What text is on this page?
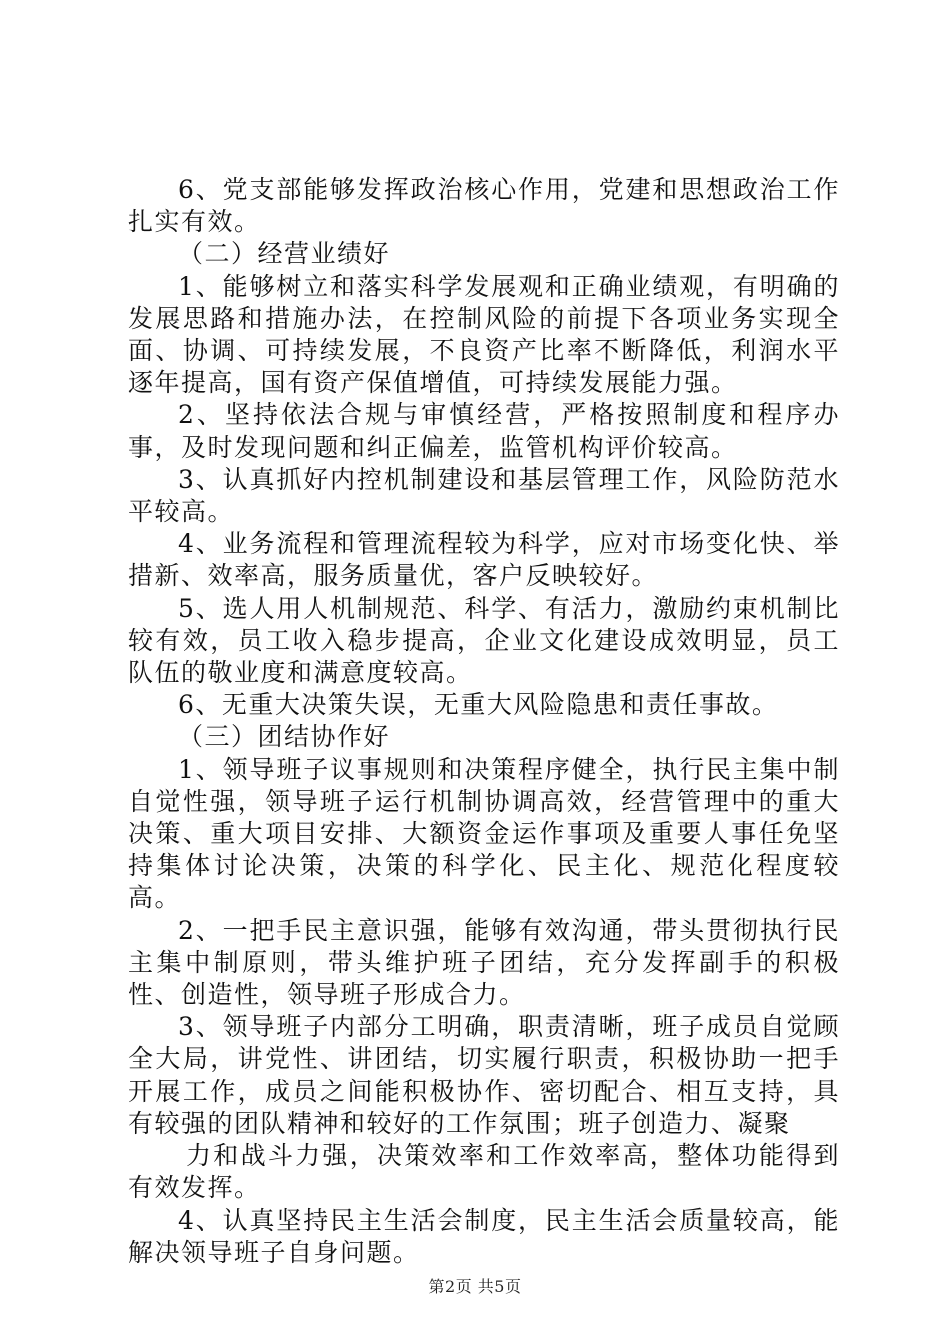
6、党支部能够发挥政治核心作用，党建和思想政治工作扎实有效。

（二）经营业绩好

1、能够树立和落实科学发展观和正确业绩观，有明确的发展思路和措施办法，在控制风险的前提下各项业务实现全面、协调、可持续发展，不良资产比率不断降低，利润水平逐年提高，国有资产保值增值，可持续发展能力强。

2、坚持依法合规与审慎经营，严格按照制度和程序办事，及时发现问题和纠正偏差，监管机构评价较高。

3、认真抓好内控机制建设和基层管理工作，风险防范水平较高。

4、业务流程和管理流程较为科学，应对市场变化快、举措新、效率高，服务质量优，客户反映较好。

5、选人用人机制规范、科学、有活力，激励约束机制比较有效，员工收入稳步提高，企业文化建设成效明显，员工队伍的敬业度和满意度较高。

6、无重大决策失误，无重大风险隐患和责任事故。

（三）团结协作好

1、领导班子议事规则和决策程序健全，执行民主集中制自觉性强，领导班子运行机制协调高效，经营管理中的重大决策、重大项目安排、大额资金运作事项及重要人事任免坚持集体讨论决策，决策的科学化、民主化、规范化程度较高。

2、一把手民主意识强，能够有效沟通，带头贯彻执行民主集中制原则，带头维护班子团结，充分发挥副手的积极性、创造性，领导班子形成合力。

3、领导班子内部分工明确，职责清晰，班子成员自觉顾全大局，讲党性、讲团结，切实履行职责，积极协助一把手开展工作，成员之间能积极协作、密切配合、相互支持，具有较强的团队精神和较好的工作氛围；班子创造力、凝聚

力和战斗力强，决策效率和工作效率高，整体功能得到有效发挥。

4、认真坚持民主生活会制度，民主生活会质量较高，能解决领导班子自身问题。

第2页 共5页
